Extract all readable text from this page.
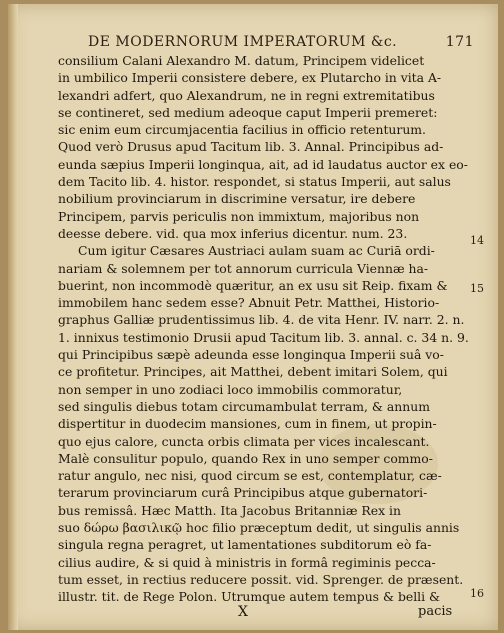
DE MODERNORUM IMPERATORUM &c.	171
consilium Calani Alexandro M. datum, Principem videlicet
in umbilico Imperii consistere debere, ex Plutarcho in vita A-
lexandri adfert, quo Alexandrum, ne in regni extremitatibus
se contineret, sed medium adeoque caput Imperii premeret:
sic enim eum circumjacentia facilius in officio retenturum.
Quod verò Drusus apud Tacitum lib. 3. Annal. Principibus ad-
eunda sæpius Imperii longinqua, ait, ad id laudatus auctor ex eo-
dem Tacito lib. 4. histor. respondet, si status Imperii, aut salus
nobilium provinciarum in discrimine versatur, ire debere
Principem, parvis periculis non immixtum, majoribus non
deesse debere. vid. qua mox inferius dicentur. num. 23.
Cum igitur Cæsares Austriaci aulam suam ac Curiā ordi-
nariam & solemnem per tot annorum curricula Viennæ ha-
buerint, non incommodè quæritur, an ex usu sit Reip. fixam &
immobilem hanc sedem esse? Abnuit Petr. Matthei, Historio-
graphus Galliæ prudentissimus lib. 4. de vita Henr. IV. narr. 2. n.
1. innixus testimonio Drusii apud Tacitum lib. 3. annal. c. 34 n. 9.
qui Principibus sæpè adeunda esse longinqua Imperii suâ vo-
ce profitetur. Principes, ait Matthei, debent imitari Solem, qui
non semper in uno zodiaci loco immobilis commoratur,
sed singulis diebus totam circumambulat terram, & annum
dispertitur in duodecim mansiones, cum in finem, ut propin-
quo ejus calore, cuncta orbis climata per vices incalescant.
Malè consulitur populo, quando Rex in uno semper commo-
ratur angulo, nec nisi, quod circum se est, contemplatur, cæ-
terarum provinciarum curâ Principibus atque gubernatori-
bus remissâ. Hæc Matth. Ita Jacobus Britanniæ Rex in
suo δώρω βασιλικῷ hoc filio præceptum dedit, ut singulis annis
singula regna peragret, ut lamentationes subditorum eò fa-
cilius audire, & si quid à ministris in formâ regiminis pecca-
tum esset, in rectius reducere possit. vid. Sprenger. de præsent.
illustr. tit. de Rege Polon. Utrumque autem tempus & belli &
14
15
16
X	pacis
